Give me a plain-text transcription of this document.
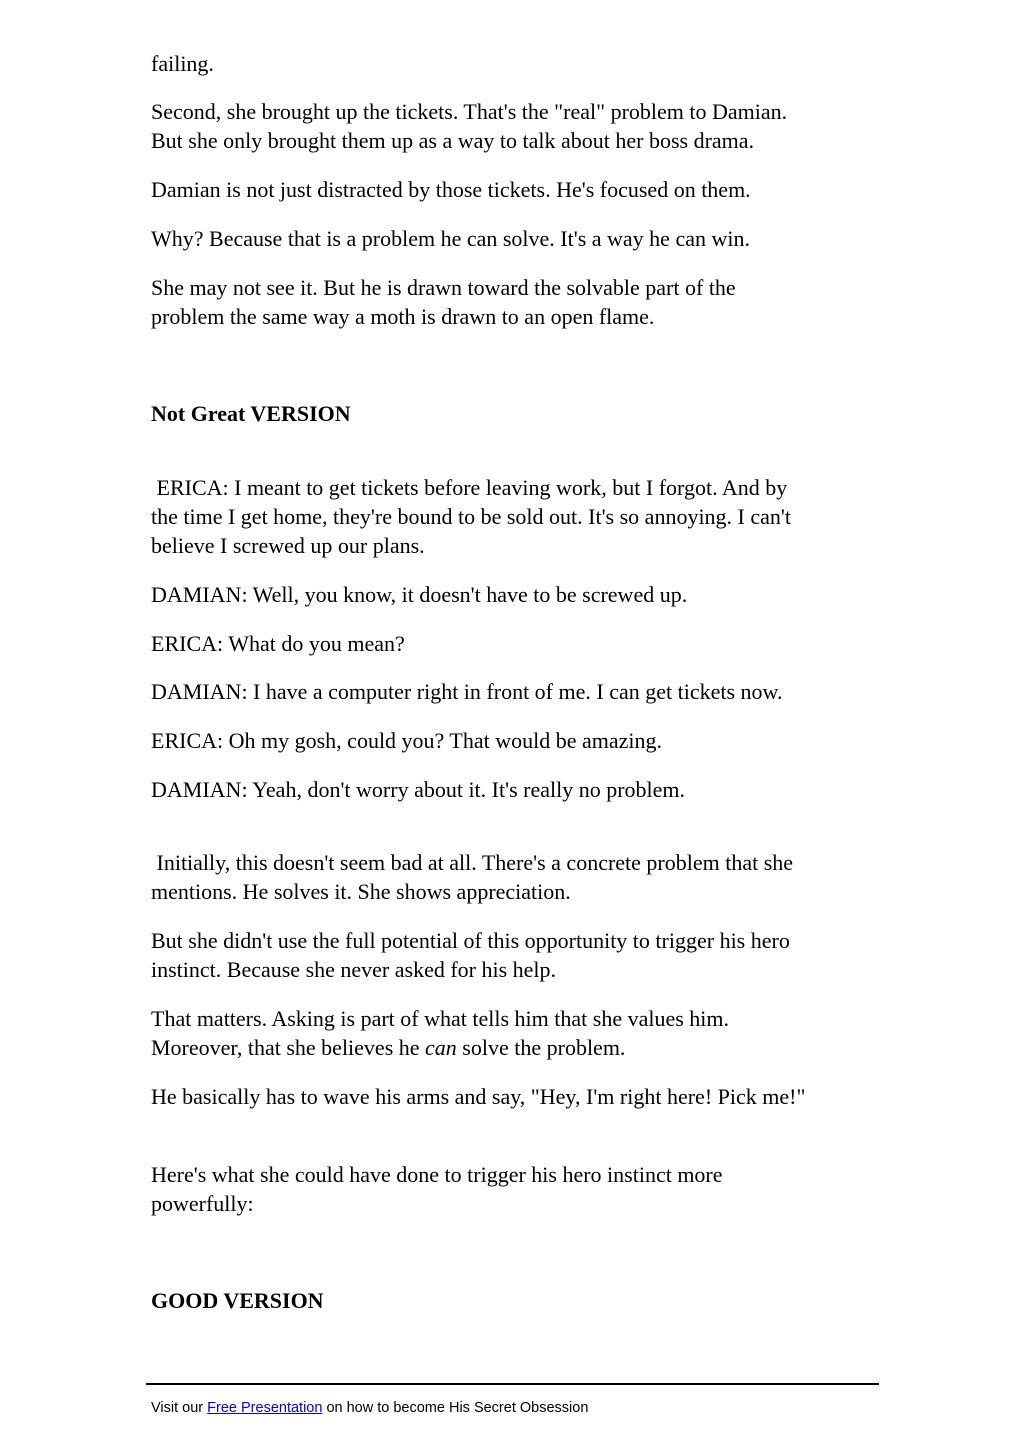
failing.

Second, she brought up the tickets. That's the "real" problem to Damian.

But she only brought them up as a way to talk about her boss drama.

Damian is not just distracted by those tickets. He's focused on them.

Why? Because that is a problem he can solve. It's a way he can win.

She may not see it. But he is drawn toward the solvable part of the

problem the same way a moth is drawn to an open flame.

Not Great VERSION

ERICA: I meant to get tickets before leaving work, but I forgot. And by

the time I get home, they're bound to be sold out. It's so annoying. I can't

believe I screwed up our plans.

DAMIAN: Well, you know, it doesn't have to be screwed up.

ERICA: What do you mean?

DAMIAN: I have a computer right in front of me. I can get tickets now.

ERICA: Oh my gosh, could you? That would be amazing.

DAMIAN: Yeah, don't worry about it. It's really no problem.

Initially, this doesn't seem bad at all. There's a concrete problem that she

mentions. He solves it. She shows appreciation.

But she didn't use the full potential of this opportunity to trigger his hero

instinct. Because she never asked for his help.

That matters. Asking is part of what tells him that she values him.

Moreover, that she believes he can solve the problem.

He basically has to wave his arms and say, "Hey, I'm right here! Pick me!"

Here's what she could have done to trigger his hero instinct more

powerfully:

GOOD VERSION

Visit our Free Presentation on how to become His Secret Obsession
